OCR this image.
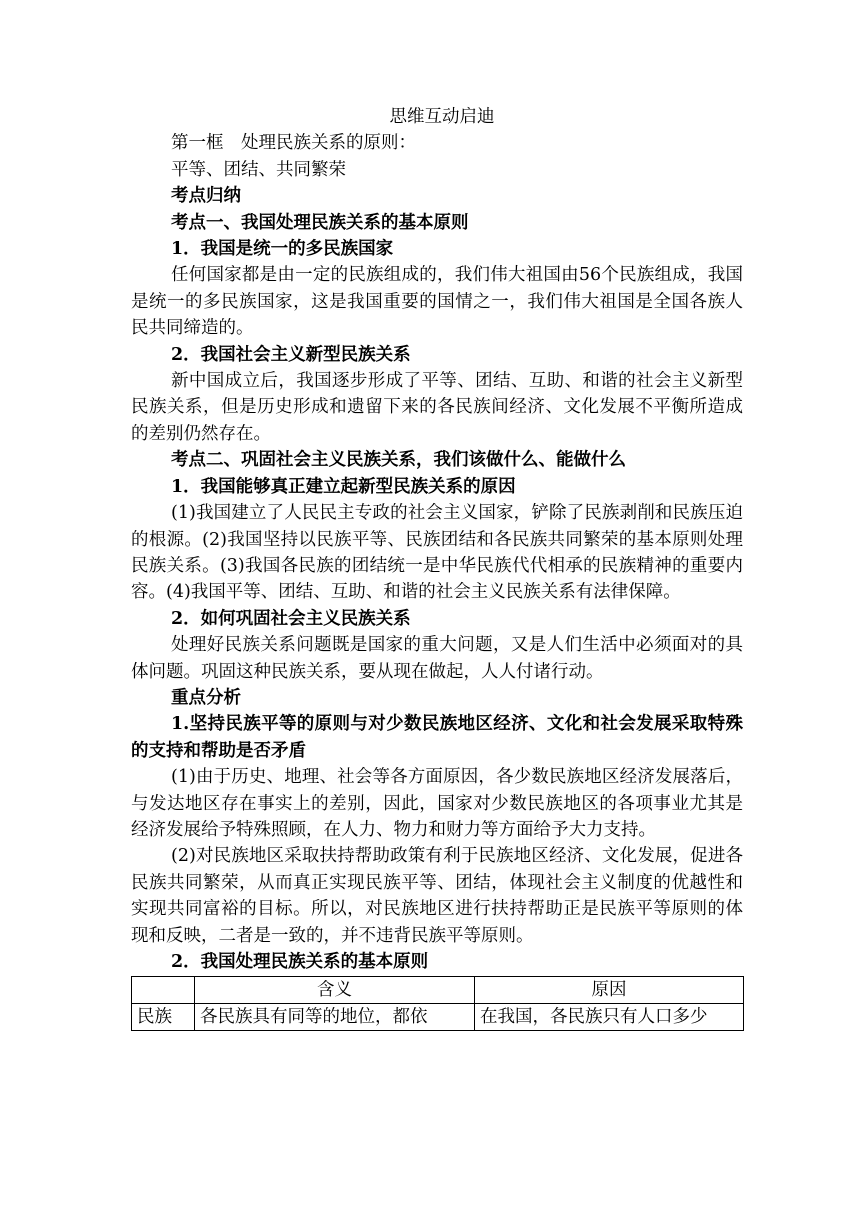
思维互动启迪

第一框　处理民族关系的原则：

平等、团结、共同繁荣

考点归纳

考点一、我国处理民族关系的基本原则

1．我国是统一的多民族国家

任何国家都是由一定的民族组成的，我们伟大祖国由56个民族组成，我国是统一的多民族国家，这是我国重要的国情之一，我们伟大祖国是全国各族人民共同缔造的。

2．我国社会主义新型民族关系

新中国成立后，我国逐步形成了平等、团结、互助、和谐的社会主义新型民族关系，但是历史形成和遗留下来的各民族间经济、文化发展不平衡所造成的差别仍然存在。

考点二、巩固社会主义民族关系，我们该做什么、能做什么

1．我国能够真正建立起新型民族关系的原因

(1)我国建立了人民民主专政的社会主义国家，铲除了民族剥削和民族压迫的根源。(2)我国坚持以民族平等、民族团结和各民族共同繁荣的基本原则处理民族关系。(3)我国各民族的团结统一是中华民族代代相承的民族精神的重要内容。(4)我国平等、团结、互助、和谐的社会主义民族关系有法律保障。

2．如何巩固社会主义民族关系

处理好民族关系问题既是国家的重大问题，又是人们生活中必须面对的具体问题。巩固这种民族关系，要从现在做起，人人付诸行动。

重点分析

1.坚持民族平等的原则与对少数民族地区经济、文化和社会发展采取特殊的支持和帮助是否矛盾

(1)由于历史、地理、社会等各方面原因，各少数民族地区经济发展落后，与发达地区存在事实上的差别，因此，国家对少数民族地区的各项事业尤其是经济发展给予特殊照顾，在人力、物力和财力等方面给予大力支持。

(2)对民族地区采取扶持帮助政策有利于民族地区经济、文化发展，促进各民族共同繁荣，从而真正实现民族平等、团结，体现社会主义制度的优越性和实现共同富裕的目标。所以，对民族地区进行扶持帮助正是民族平等原则的体现和反映，二者是一致的，并不违背民族平等原则。

2．我国处理民族关系的基本原则

	含义	原因
民族	各民族具有同等的地位，都依	在我国，各民族只有人口多少
